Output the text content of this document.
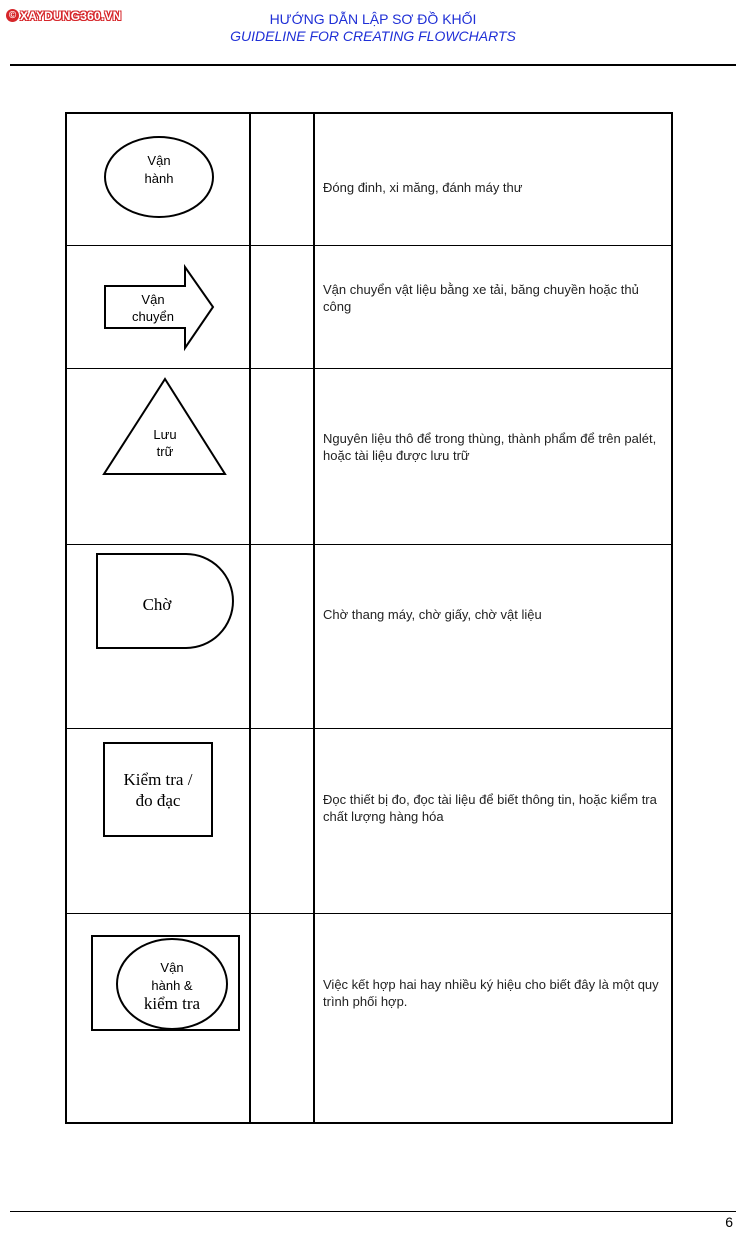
© XAYDUNG360.VN	HƯỚNG DẪN LẬP SƠ ĐỒ KHỐI
GUIDELINE FOR CREATING FLOWCHARTS
Vận
hành
Đóng đinh, xi măng, đánh máy thư
Vận
chuyển
Vận chuyển vật liệu bằng xe tải, băng chuyền hoặc thủ công
Lưu
trữ
Nguyên liệu thô để trong thùng, thành phẩm để trên palét, hoặc tài liệu được lưu trữ
Chờ
Chờ thang máy, chờ giấy, chờ vật liệu
Kiểm tra /
đo đạc	Đọc thiết bị đo, đọc tài liệu để biết thông tin, hoặc kiểm tra chất lượng hàng hóa
Vận
hành &
kiểm tra
Việc kết hợp hai hay nhiều ký hiệu cho biết đây là một quy trình phối hợp.
6
